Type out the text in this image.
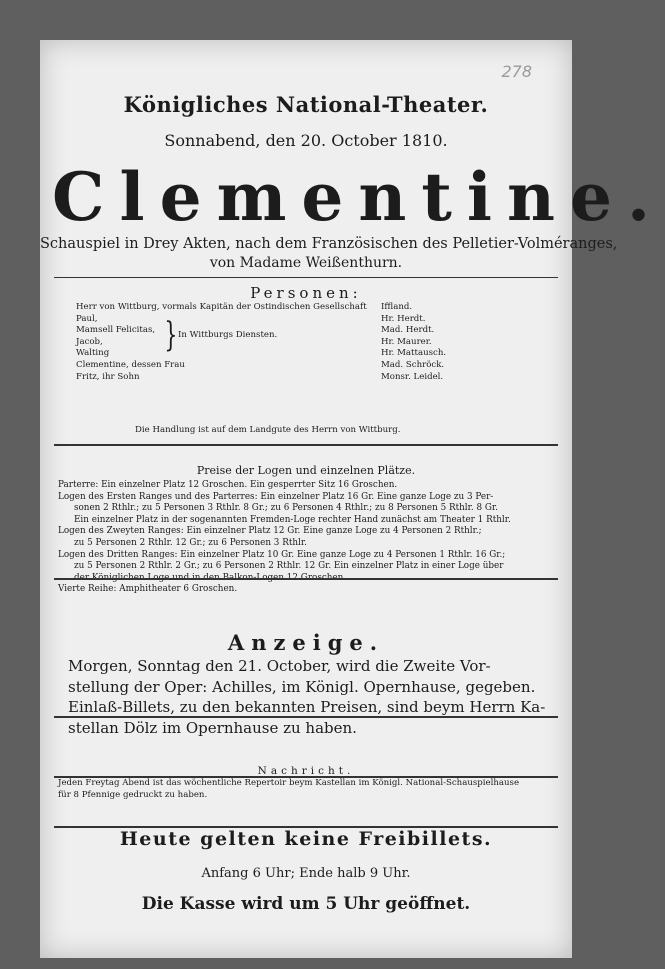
278
Königliches National-Theater.
Sonnabend, den 20. October 1810.
Clementine.
Schauspiel in Drey Akten, nach dem Französischen des Pelletier-Volméranges,
von Madame Weißenthurn.
Personen:
Herr von Wittburg, vormals Kapitän der Ostindischen Gesellschaft
Paul,
Mamsell Felicitas,
Jacob,
Walting
Clementine, dessen Frau
Fritz, ihr Sohn
} In Wittburgs Diensten.
Iffland.
Hr. Herdt.
Mad. Herdt.
Hr. Maurer.
Hr. Mattausch.
Mad. Schröck.
Monsr. Leidel.
Die Handlung ist auf dem Landgute des Herrn von Wittburg.
Preise der Logen und einzelnen Plätze.
Parterre: Ein einzelner Platz 12 Groschen. Ein gesperrter Sitz 16 Groschen.
Logen des Ersten Ranges und des Parterres: Ein einzelner Platz 16 Gr. Eine ganze Loge zu 3 Per-
sonen 2 Rthlr.; zu 5 Personen 3 Rthlr. 8 Gr.; zu 6 Personen 4 Rthlr.; zu 8 Personen 5 Rthlr. 8 Gr.
Ein einzelner Platz in der sogenannten Fremden-Loge rechter Hand zunächst am Theater 1 Rthlr.
Logen des Zweyten Ranges: Ein einzelner Platz 12 Gr. Eine ganze Loge zu 4 Personen 2 Rthlr.;
zu 5 Personen 2 Rthlr. 12 Gr.; zu 6 Personen 3 Rthlr.
Logen des Dritten Ranges: Ein einzelner Platz 10 Gr. Eine ganze Loge zu 4 Personen 1 Rthlr. 16 Gr.;
zu 5 Personen 2 Rthlr. 2 Gr.; zu 6 Personen 2 Rthlr. 12 Gr. Ein einzelner Platz in einer Loge über
der Königlichen Loge und in den Balkon-Logen 12 Groschen.
Vierte Reihe: Amphitheater 6 Groschen.
Anzeige.
Morgen, Sonntag den 21. October, wird die Zweite Vor-
stellung der Oper: Achilles, im Königl. Opernhause, gegeben.
Einlaß-Billets, zu den bekannten Preisen, sind beym Herrn Ka-
stellan Dölz im Opernhause zu haben.
Nachricht.
Jeden Freytag Abend ist das wöchentliche Repertoir beym Kastellan im Königl. National-Schauspielhause
für 8 Pfennige gedruckt zu haben.
Heute gelten keine Freibillets.
Anfang 6 Uhr; Ende halb 9 Uhr.
Die Kasse wird um 5 Uhr geöffnet.
